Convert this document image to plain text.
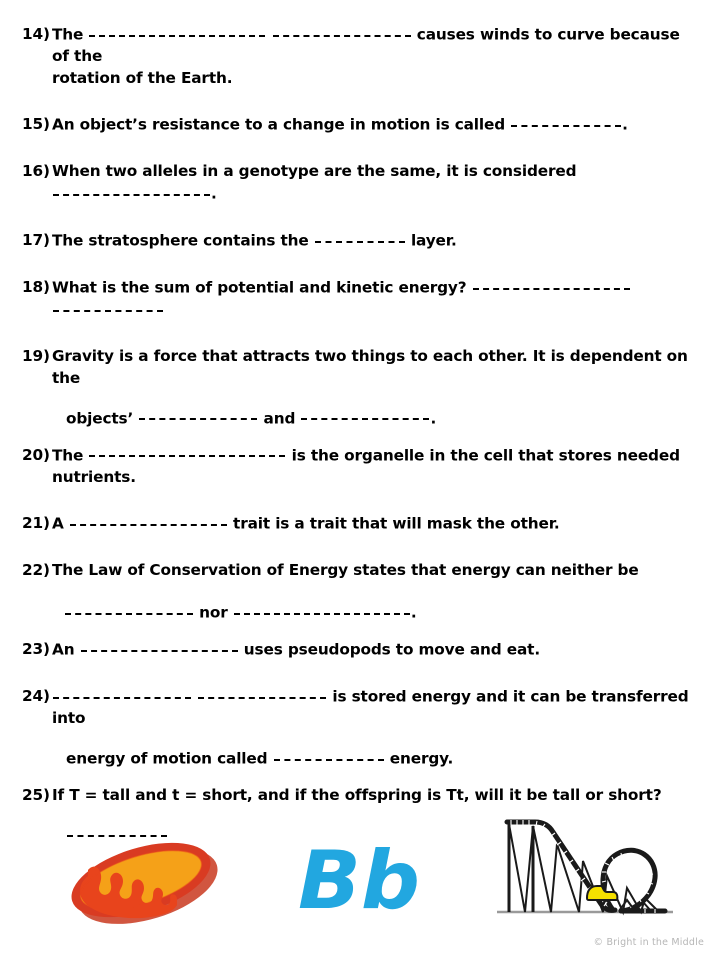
14) The	causes winds to curve because of the
rotation of the Earth.
15) An object’s resistance to a change in motion is called	.
16) When two alleles in a genotype are the same, it is considered .
17) The stratosphere contains the	layer.
18) What is the sum of potential and kinetic energy?
19) Gravity is a force that attracts two things to each other. It is dependent on the
objects’	and	.
20) The	is the organelle in the cell that stores needed
nutrients.
21)
A	trait is a trait that will mask the other.
22) The Law of Conservation of Energy states that energy can neither be
nor	.
23) An	uses pseudopods to move and eat.
24)	is stored energy and it can be transferred into
energy of motion called	energy.
25) If T = tall and t = short, and if the offspring is Tt, will it be tall or short?
Bb
© Bright in the Middle
